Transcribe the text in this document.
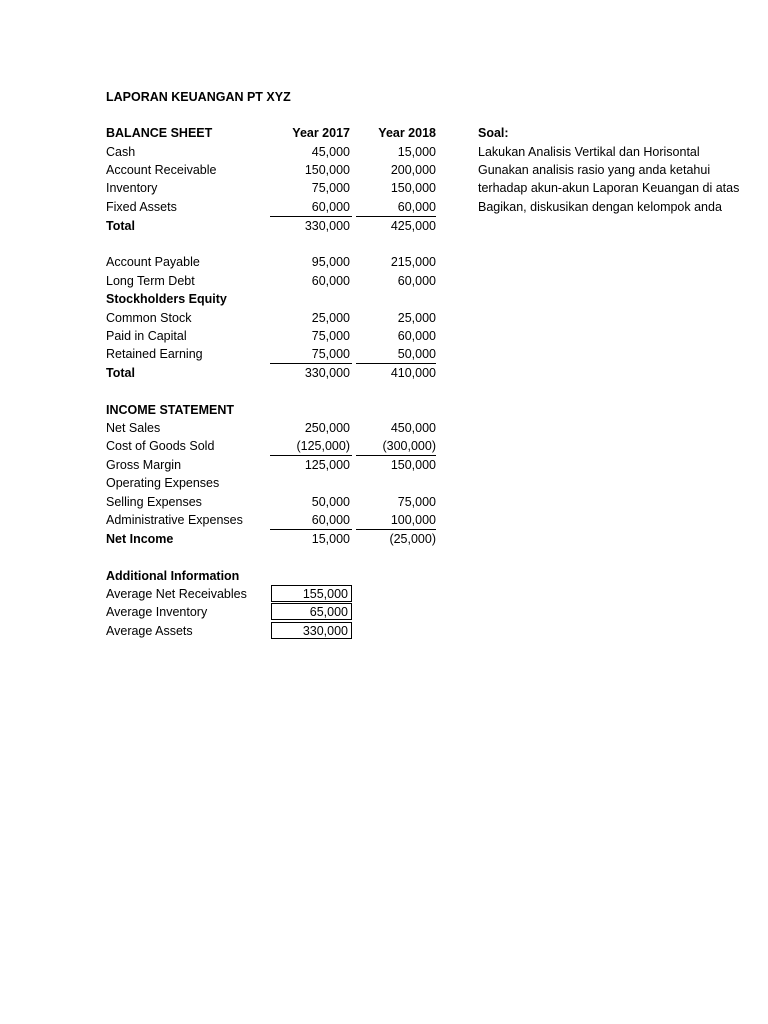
LAPORAN KEUANGAN PT XYZ
BALANCE SHEET	Year 2017	Year 2018
Cash	45,000	15,000
Account Receivable	150,000	200,000
Inventory	75,000	150,000
Fixed Assets	60,000	60,000
Total	330,000	425,000
Account Payable	95,000	215,000
Long Term Debt	60,000	60,000
Stockholders Equity
Common Stock	25,000	25,000
Paid in Capital	75,000	60,000
Retained Earning	75,000	50,000
Total	330,000	410,000
INCOME STATEMENT
Net Sales	250,000	450,000
Cost of Goods Sold	(125,000)	(300,000)
Gross Margin	125,000	150,000
Operating Expenses
Selling Expenses	50,000	75,000
Administrative Expenses	60,000	100,000
Net Income	15,000	(25,000)
Additional Information
Average Net Receivables	155,000
Average Inventory	65,000
Average Assets	330,000
Soal:
Lakukan Analisis Vertikal dan Horisontal
Gunakan analisis rasio yang anda ketahui
terhadap akun-akun Laporan Keuangan di atas
Bagikan, diskusikan dengan kelompok anda
